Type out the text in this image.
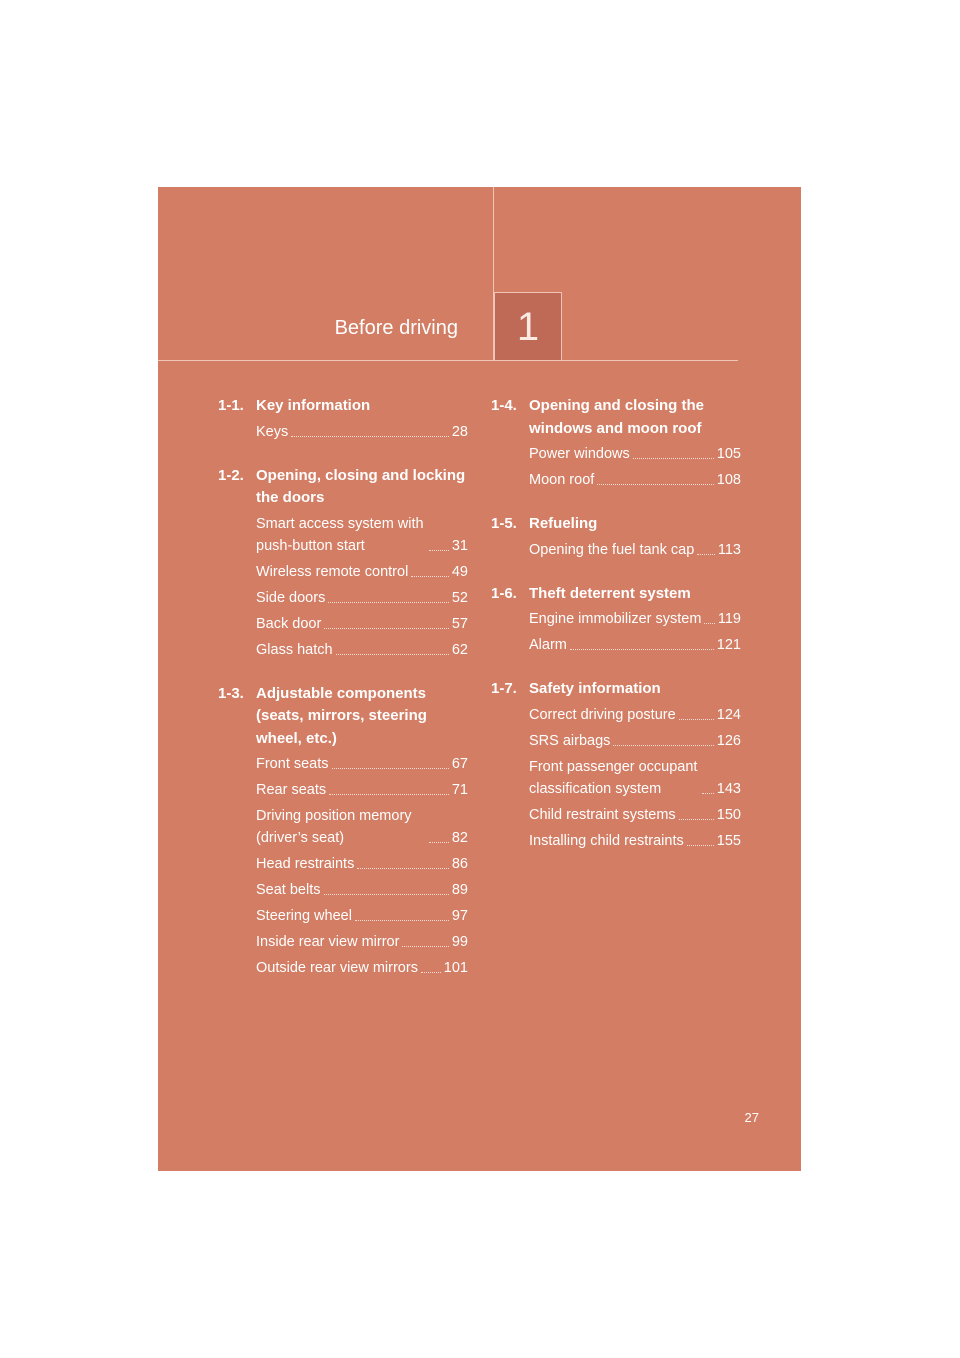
Before driving	1
1-1. Key information
Keys	28
1-2. Opening, closing and locking the doors
Smart access system with push-button start	31
Wireless remote control	49
Side doors	52
Back door	57
Glass hatch	62
1-3. Adjustable components (seats, mirrors, steering wheel, etc.)
Front seats	67
Rear seats	71
Driving position memory (driver’s seat)	82
Head restraints	86
Seat belts	89
Steering wheel	97
Inside rear view mirror	99
Outside rear view mirrors 101
1-4. Opening and closing the windows and moon roof
Power windows	105
Moon roof	108
1-5. Refueling
Opening the fuel tank cap 113
1-6. Theft deterrent system
Engine immobilizer system 119
Alarm	121
1-7. Safety information
Correct driving posture	124
SRS airbags	126
Front passenger occupant classification system	143
Child restraint systems	150
Installing child restraints 155
27
